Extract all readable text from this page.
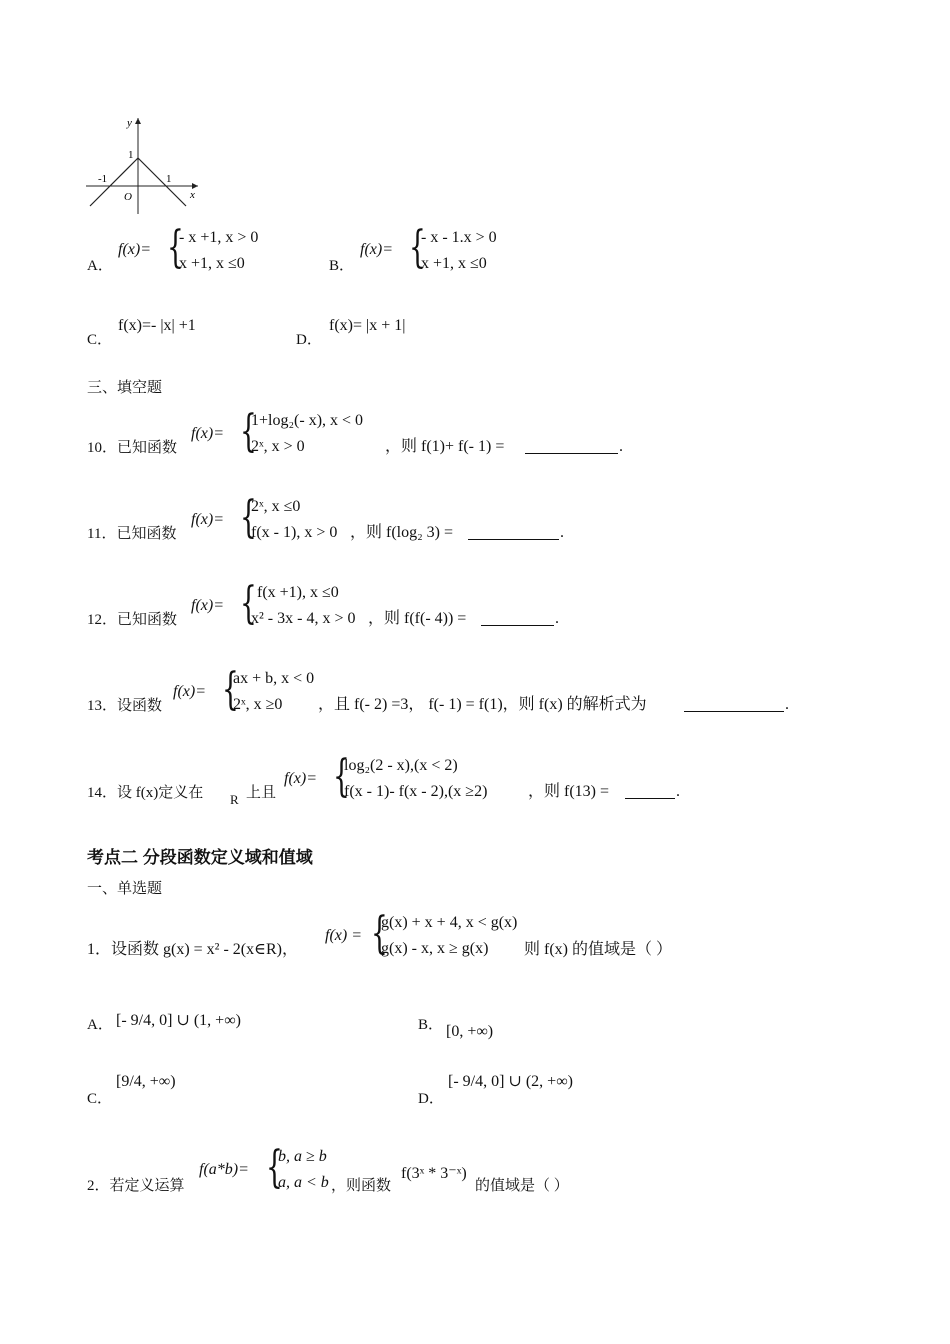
y
x
1
-1	1
O
A．
f(x)= {
- x +1, x > 0
x +1, x ≤0	B．
f(x)= {
- x - 1.x > 0
x +1, x ≤0
C．
f(x)=- |x| +1
D．
f(x)= |x + 1|
三、填空题
10．已知函数
f(x)= {
1+log₂(- x), x < 0
2ˣ, x > 0	，则 f(1)+ f(- 1) =	.
11．已知函数
f(x)= {
2ˣ, x ≤0
f(x - 1), x > 0 ，则 f(log₂ 3) =	.
12．已知函数
f(x)= { f(x +1), x ≤0
x² - 3x - 4, x > 0 ，则 f(f(- 4)) =	.
13．设函数
f(x)= {
ax + b, x < 0
2ˣ, x ≥0 ，且 f(- 2) =3， f(- 1) = f(1)，则 f(x) 的解析式为	.
14．设 f(x)定义在 R 上且
f(x)= {
log₂(2 - x),(x < 2)
f(x - 1)- f(x - 2),(x ≥2)	，则 f(13) =	.
考点二 分段函数定义域和值域
一、单选题
1．设函数 g(x) = x² - 2(x∈R)，
f(x) = {
g(x) + x + 4, x < g(x)
g(x) - x, x ≥ g(x) 则 f(x) 的值域是（ ）
A． [- 9/4, 0] ∪ (1, +∞)	B． [0, +∞)
C．
[9/4, +∞)
D．
[- 9/4, 0] ∪ (2, +∞)
2．若定义运算
f(a*b)= {
b, a ≥ b
a, a < b ，则函数
f(3ˣ * 3⁻ˣ)
的值域是（ ）
